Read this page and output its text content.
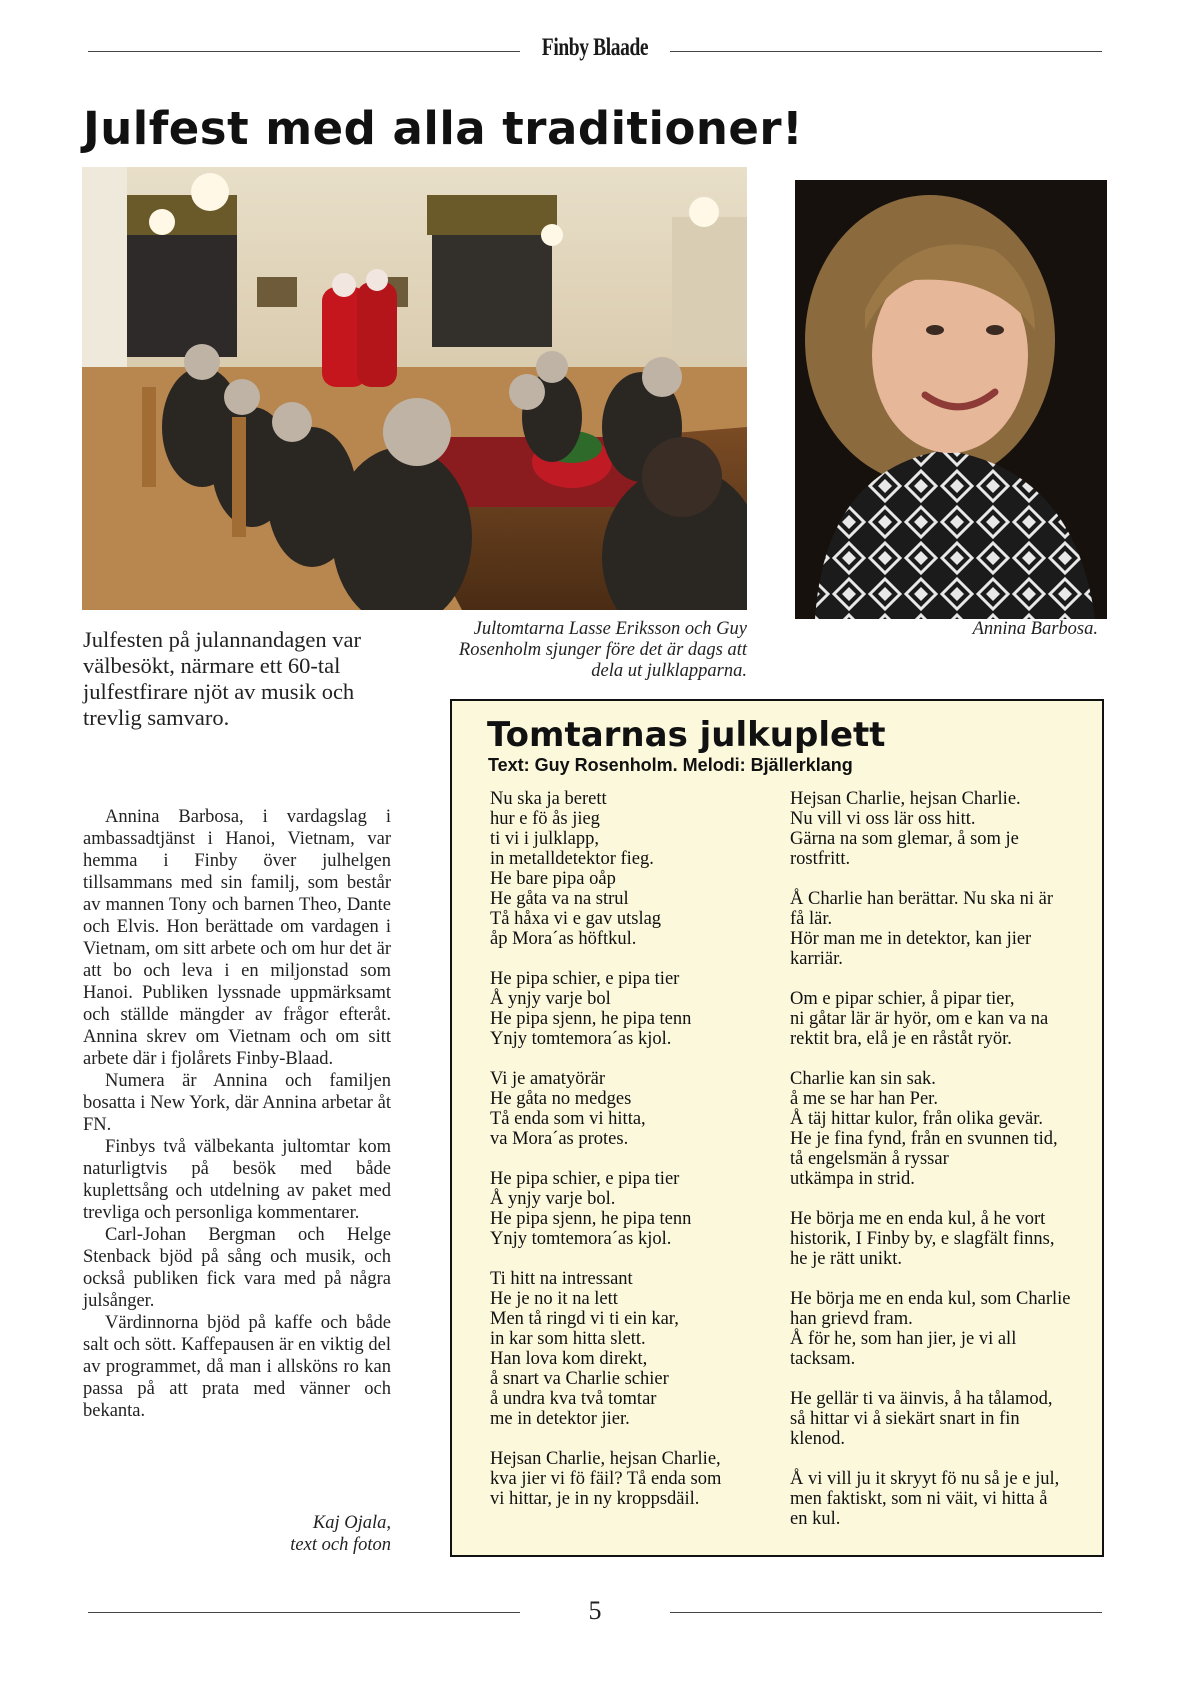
Finby Blaade
Julfest med alla traditioner!
Jultomtarna Lasse Eriksson och Guy Rosenholm sjunger före det är dags att dela ut julklapparna.
Annina Barbosa.
Julfesten på julannandagen var välbesökt, närmare ett 60-tal julfestfirare njöt av musik och trevlig samvaro.

Annina Barbosa, i vardagslag i ambassadtjänst i Hanoi, Vietnam, var hemma i Finby över julhelgen tillsammans med sin familj, som består av mannen Tony och barnen Theo, Dante och Elvis. Hon berättade om vardagen i Vietnam, om sitt arbete och om hur det är att bo och leva i en miljonstad som Hanoi. Publiken lyssnade uppmärksamt och ställde mängder av frågor efteråt. Annina skrev om Vietnam och om sitt arbete där i fjolårets Finby-Blaad.

Numera är Annina och familjen bosatta i New York, där Annina arbetar åt FN.

Finbys två välbekanta jultomtar kom naturligtvis på besök med både kuplettsång och utdelning av paket med trevliga och personliga kommentarer.

Carl-Johan Bergman och Helge Stenback bjöd på sång och musik, och också publiken fick vara med på några julsånger.

Värdinnorna bjöd på kaffe och både salt och sött. Kaffepausen är en viktig del av programmet, då man i allsköns ro kan passa på att prata med vänner och bekanta.

Kaj Ojala,
text och foton
Tomtarnas julkuplett
Text: Guy Rosenholm. Melodi: Bjällerklang
Nu ska ja berett
hur e fö ås jieg
ti vi i julklapp,
in metalldetektor fieg.
He bare pipa oåp
He gåta va na strul
Tå håxa vi e gav utslag
åp Mora´as höftkul.
He pipa schier, e pipa tier
Å ynjy varje bol
He pipa sjenn, he pipa tenn
Ynjy tomtemora´as kjol.
Vi je amatyörär
He gåta no medges
Tå enda som vi hitta,
va Mora´as protes.
He pipa schier, e pipa tier
Å ynjy varje bol.
He pipa sjenn, he pipa tenn
Ynjy tomtemora´as kjol.
Ti hitt na intressant
He je no it na lett
Men tå ringd vi ti ein kar,
in kar som hitta slett.
Han lova kom direkt,
å snart va Charlie schier
å undra kva två tomtar
me in detektor jier.
Hejsan Charlie, hejsan Charlie,
kva jier vi fö fäil? Tå enda som
vi hittar, je in ny kroppsdäil.
Hejsan Charlie, hejsan Charlie.
Nu vill vi oss lär oss hitt.
Gärna na som glemar, å som je
rostfritt.
Å Charlie han berättar. Nu ska ni är
få lär.
Hör man me in detektor, kan jier
karriär.
Om e pipar schier, å pipar tier,
ni gåtar lär är hyör, om e kan va na
rektit bra, elå je en råståt ryör.
Charlie kan sin sak.
å me se har han Per.
Å täj hittar kulor, från olika gevär.
He je fina fynd, från en svunnen tid,
tå engelsmän å ryssar
utkämpa in strid.
He börja me en enda kul, å he vort
historik, I Finby by, e slagfält finns,
he je rätt unikt.
He börja me en enda kul, som Charlie
han grievd fram.
Å för he, som han jier, je vi all
tacksam.
He gellär ti va äinvis, å ha tålamod,
så hittar vi å siekärt snart in fin
klenod.
Å vi vill ju it skryyt fö nu så je e jul,
men faktiskt, som ni väit, vi hitta å
en kul.
5
